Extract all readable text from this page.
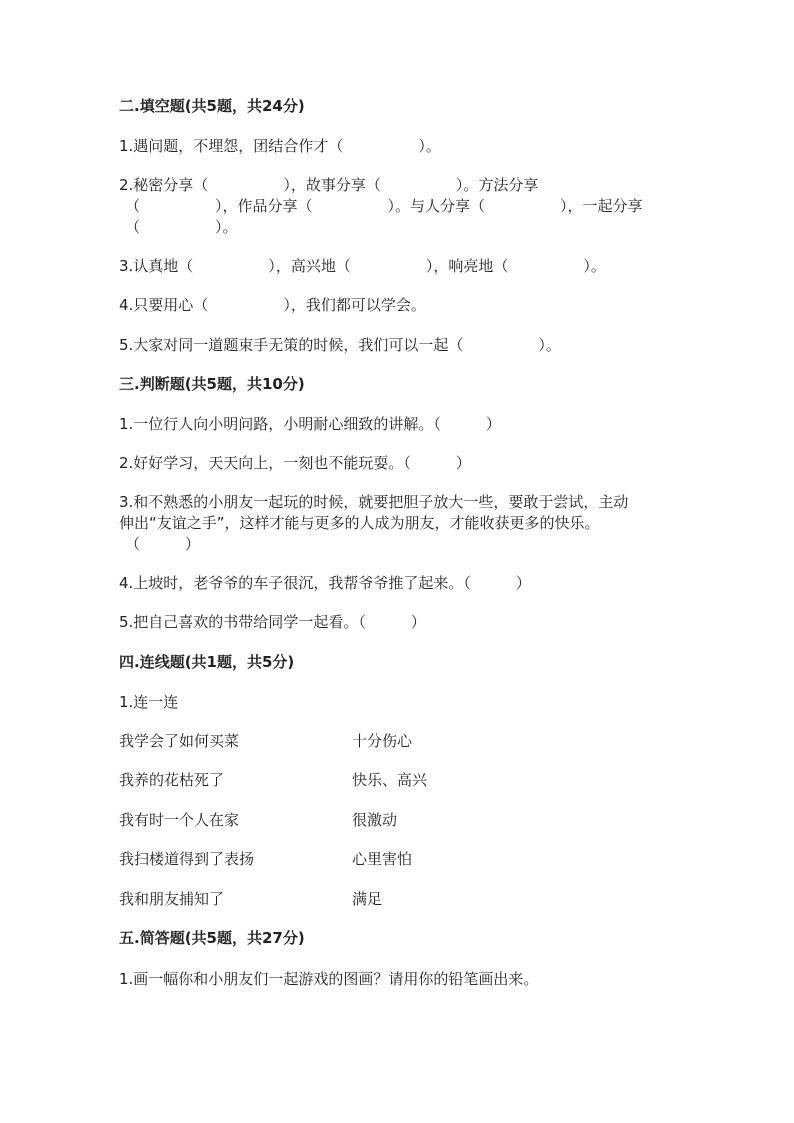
二.填空题(共5题，共24分)
1.遇问题，不埋怨，团结合作才（　　　　　）。
2.秘密分享（　　　　　），故事分享（　　　　　）。方法分享
（　　　　　），作品分享（　　　　　）。与人分享（　　　　　），一起分享
（　　　　　）。
3.认真地（　　　　　），高兴地（　　　　　），响亮地（　　　　　）。
4.只要用心（　　　　　），我们都可以学会。
5.大家对同一道题束手无策的时候，我们可以一起（　　　　　）。
三.判断题(共5题，共10分)
1.一位行人向小明问路，小明耐心细致的讲解。（　　　）
2.好好学习，天天向上，一刻也不能玩耍。（　　　）
3.和不熟悉的小朋友一起玩的时候，就要把胆子放大一些，要敢于尝试，主动
伸出“友谊之手”，这样才能与更多的人成为朋友，才能收获更多的快乐。
（　　　）
4.上坡时，老爷爷的车子很沉，我帮爷爷推了起来。（　　　）
5.把自己喜欢的书带给同学一起看。（　　　）
四.连线题(共1题，共5分)
1.连一连
我学会了如何买菜	十分伤心
我养的花枯死了	快乐、高兴
我有时一个人在家	很激动
我扫楼道得到了表扬	心里害怕
我和朋友捕知了	满足
五.简答题(共5题，共27分)
1.画一幅你和小朋友们一起游戏的图画？请用你的铅笔画出来。
